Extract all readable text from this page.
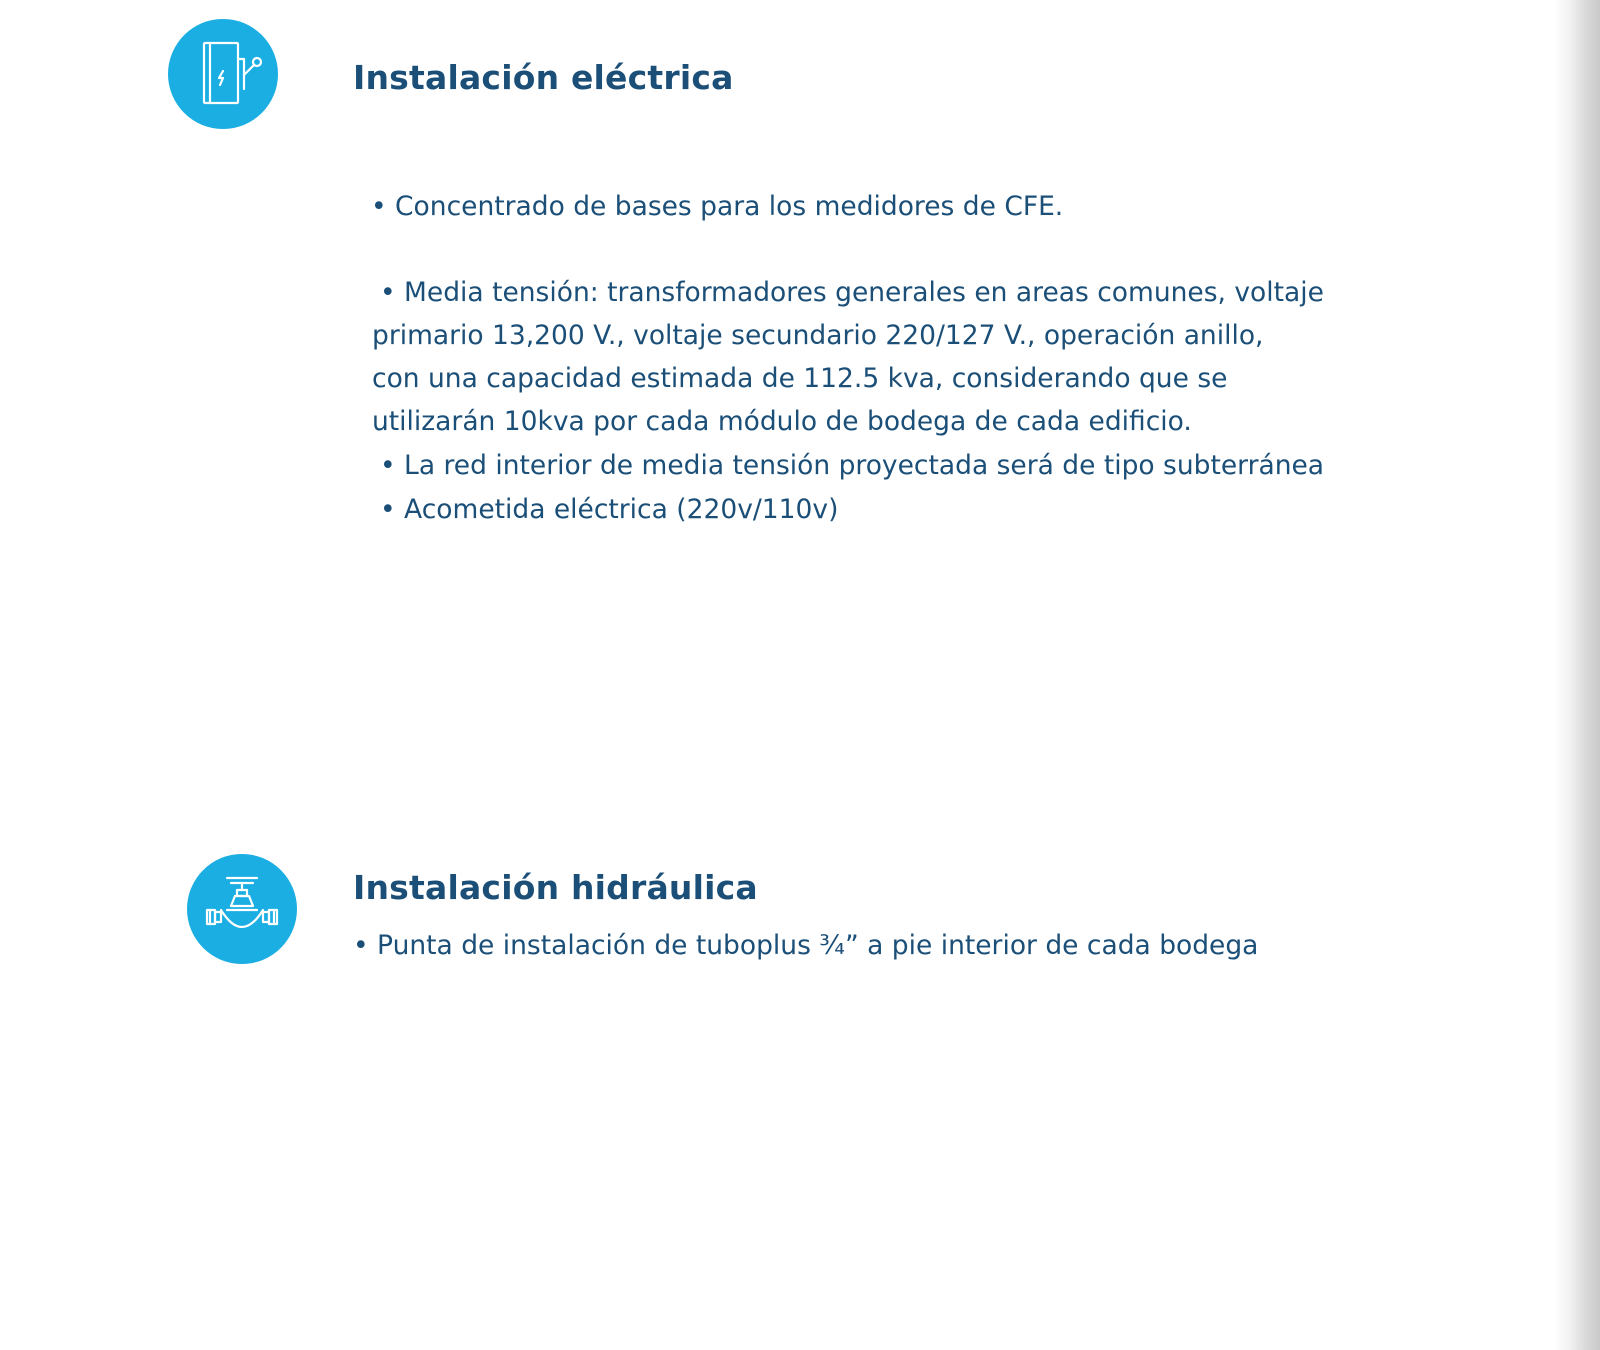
Instalación eléctrica
• Concentrado de bases para los medidores de CFE.
• Media tensión: transformadores generales en areas comunes, voltaje
primario 13,200 V., voltaje secundario 220/127 V., operación anillo,
con una capacidad estimada de 112.5 kva, considerando que se
utilizarán 10kva por cada módulo de bodega de cada edificio.
• La red interior de media tensión proyectada será de tipo subterránea
• Acometida eléctrica (220v/110v)
Instalación hidráulica
• Punta de instalación de tuboplus ¾” a pie interior de cada bodega
